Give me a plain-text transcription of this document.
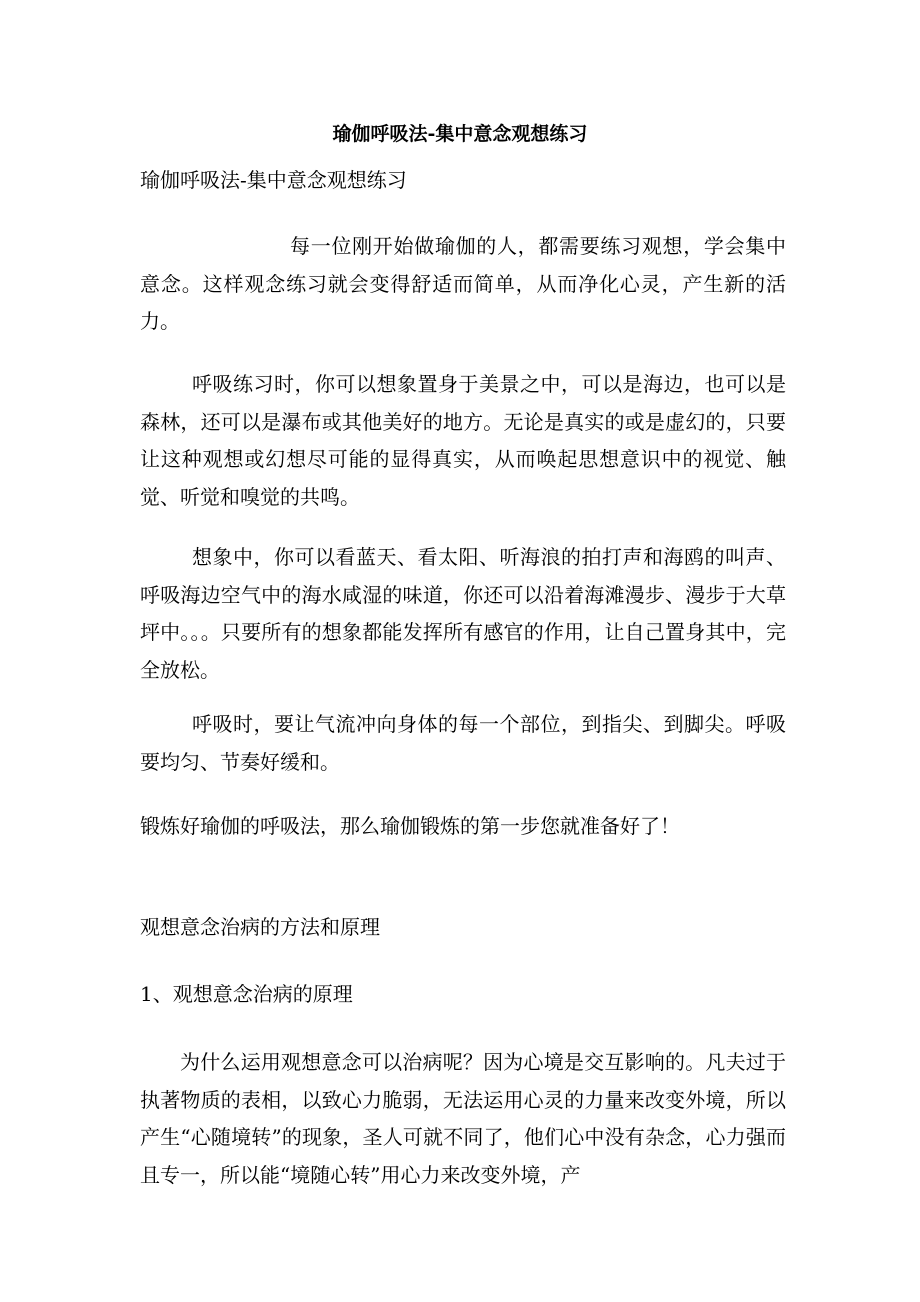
瑜伽呼吸法-集中意念观想练习
瑜伽呼吸法-集中意念观想练习
每一位刚开始做瑜伽的人，都需要练习观想，学会集中意念。这样观念练习就会变得舒适而简单，从而净化心灵，产生新的活力。
呼吸练习时，你可以想象置身于美景之中，可以是海边，也可以是森林，还可以是瀑布或其他美好的地方。无论是真实的或是虚幻的，只要让这种观想或幻想尽可能的显得真实，从而唤起思想意识中的视觉、触觉、听觉和嗅觉的共鸣。
想象中，你可以看蓝天、看太阳、听海浪的拍打声和海鸥的叫声、呼吸海边空气中的海水咸湿的味道，你还可以沿着海滩漫步、漫步于大草坪中。。。只要所有的想象都能发挥所有感官的作用，让自己置身其中，完全放松。
呼吸时，要让气流冲向身体的每一个部位，到指尖、到脚尖。呼吸要均匀、节奏好缓和。
锻炼好瑜伽的呼吸法，那么瑜伽锻炼的第一步您就准备好了！
观想意念治病的方法和原理
1、观想意念治病的原理
为什么运用观想意念可以治病呢？因为心境是交互影响的。凡夫过于执著物质的表相，以致心力脆弱，无法运用心灵的力量来改变外境，所以产生“心随境转”的现象，圣人可就不同了，他们心中没有杂念，心力强而且专一，所以能“境随心转”用心力来改变外境，产
